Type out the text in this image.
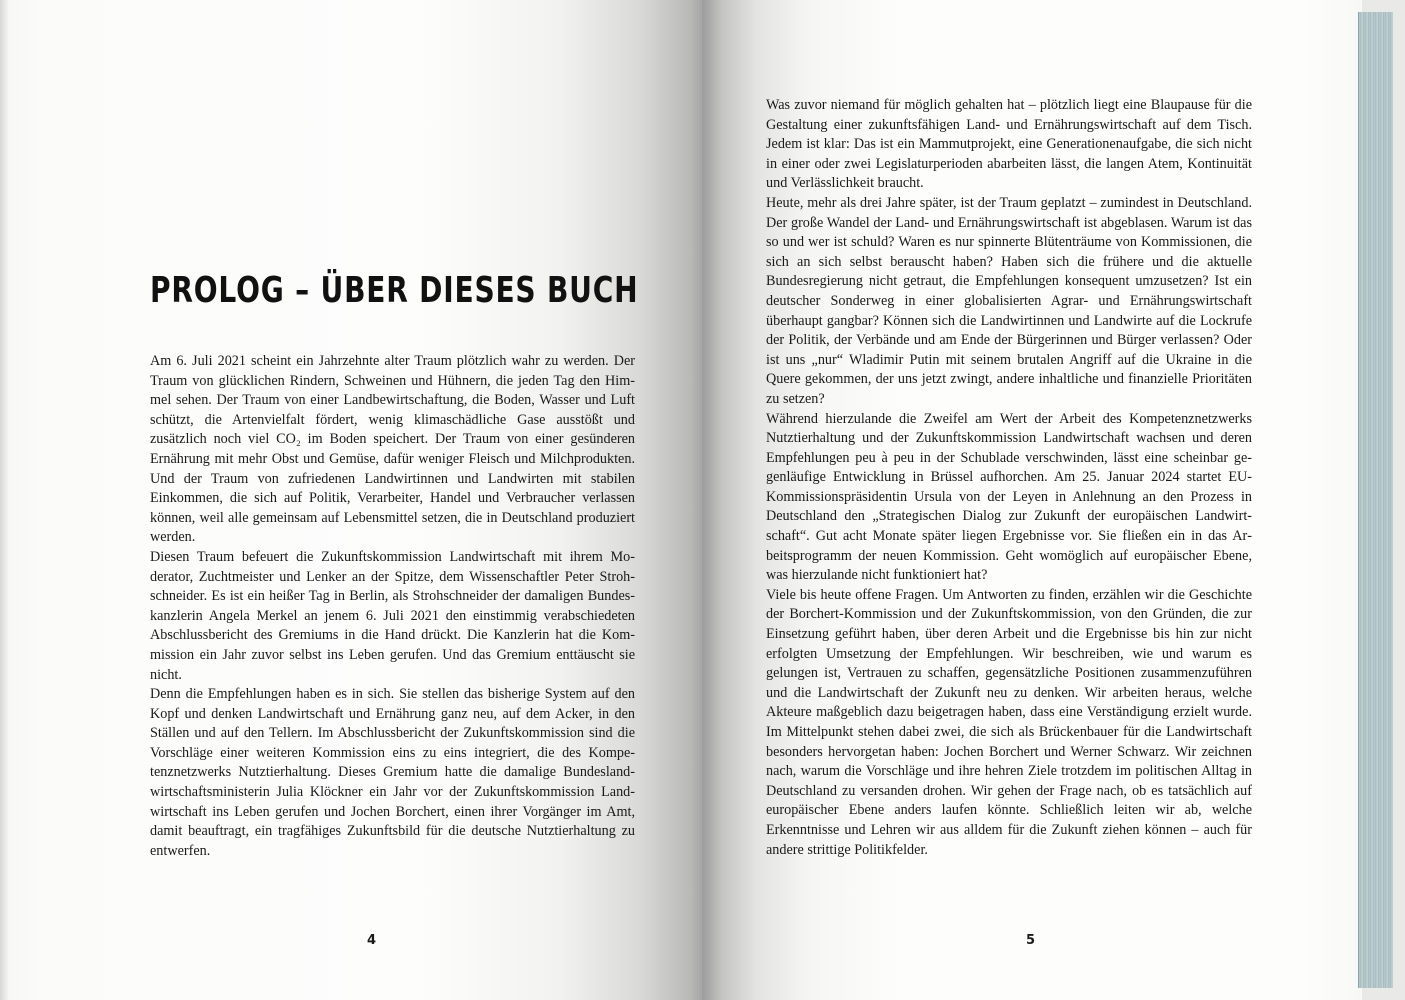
PROLOG – ÜBER DIESES BUCH

Am 6. Juli 2021 scheint ein Jahrzehnte alter Traum plötzlich wahr zu werden. Der Traum von glücklichen Rindern, Schweinen und Hühnern, die jeden Tag den Himmel sehen. Der Traum von einer Landbewirtschaftung, die Boden, Wasser und Luft schützt, die Artenvielfalt fördert, wenig klimaschädliche Gase ausstößt und zusätzlich noch viel CO₂ im Boden speichert. Der Traum von einer gesünderen Ernährung mit mehr Obst und Gemüse, dafür weniger Fleisch und Milchprodukten. Und der Traum von zufriedenen Landwirtinnen und Landwirten mit stabilen Einkommen, die sich auf Politik, Verarbeiter, Handel und Verbraucher verlassen können, weil alle gemeinsam auf Lebensmittel setzen, die in Deutschland produziert werden.

Diesen Traum befeuert die Zukunftskommission Landwirtschaft mit ihrem Moderator, Zuchtmeister und Lenker an der Spitze, dem Wissenschaftler Peter Strohschneider. Es ist ein heißer Tag in Berlin, als Strohschneider der damaligen Bundeskanzlerin Angela Merkel an jenem 6. Juli 2021 den einstimmig verabschiedeten Abschlussbericht des Gremiums in die Hand drückt. Die Kanzlerin hat die Kommission ein Jahr zuvor selbst ins Leben gerufen. Und das Gremium enttäuscht sie nicht.

Denn die Empfehlungen haben es in sich. Sie stellen das bisherige System auf den Kopf und denken Landwirtschaft und Ernährung ganz neu, auf dem Acker, in den Ställen und auf den Tellern. Im Abschlussbericht der Zukunftskommission sind die Vorschläge einer weiteren Kommission eins zu eins integriert, die des Kompetenznetzwerks Nutztierhaltung. Dieses Gremium hatte die damalige Bundeslandwirtschaftsministerin Julia Klöckner ein Jahr vor der Zukunftskommission Landwirtschaft ins Leben gerufen und Jochen Borchert, einen ihrer Vorgänger im Amt, damit beauftragt, ein tragfähiges Zukunftsbild für die deutsche Nutztierhaltung zu entwerfen.

4

Was zuvor niemand für möglich gehalten hat – plötzlich liegt eine Blaupause für die Gestaltung einer zukunftsfähigen Land- und Ernährungswirtschaft auf dem Tisch. Jedem ist klar: Das ist ein Mammutprojekt, eine Generationenaufgabe, die sich nicht in einer oder zwei Legislaturperioden abarbeiten lässt, die langen Atem, Kontinuität und Verlässlichkeit braucht.

Heute, mehr als drei Jahre später, ist der Traum geplatzt – zumindest in Deutschland. Der große Wandel der Land- und Ernährungswirtschaft ist abgeblasen. Warum ist das so und wer ist schuld? Waren es nur spinnerte Blütenträume von Kommissionen, die sich an sich selbst berauscht haben? Haben sich die frühere und die aktuelle Bundesregierung nicht getraut, die Empfehlungen konsequent umzusetzen? Ist ein deutscher Sonderweg in einer globalisierten Agrar- und Ernährungswirtschaft überhaupt gangbar? Können sich die Landwirtinnen und Landwirte auf die Lockrufe der Politik, der Verbände und am Ende der Bürgerinnen und Bürger verlassen? Oder ist uns „nur“ Wladimir Putin mit seinem brutalen Angriff auf die Ukraine in die Quere gekommen, der uns jetzt zwingt, andere inhaltliche und finanzielle Prioritäten zu setzen?

Während hierzulande die Zweifel am Wert der Arbeit des Kompetenznetzwerks Nutztierhaltung und der Zukunftskommission Landwirtschaft wachsen und deren Empfehlungen peu à peu in der Schublade verschwinden, lässt eine scheinbar gegenläufige Entwicklung in Brüssel aufhorchen. Am 25. Januar 2024 startet EU-Kommissionspräsidentin Ursula von der Leyen in Anlehnung an den Prozess in Deutschland den „Strategischen Dialog zur Zukunft der europäischen Landwirtschaft“. Gut acht Monate später liegen Ergebnisse vor. Sie fließen ein in das Arbeitsprogramm der neuen Kommission. Geht womöglich auf europäischer Ebene, was hierzulande nicht funktioniert hat?

Viele bis heute offene Fragen. Um Antworten zu finden, erzählen wir die Geschichte der Borchert-Kommission und der Zukunftskommission, von den Gründen, die zur Einsetzung geführt haben, über deren Arbeit und die Ergebnisse bis hin zur nicht erfolgten Umsetzung der Empfehlungen. Wir beschreiben, wie und warum es gelungen ist, Vertrauen zu schaffen, gegensätzliche Positionen zusammenzuführen und die Landwirtschaft der Zukunft neu zu denken. Wir arbeiten heraus, welche Akteure maßgeblich dazu beigetragen haben, dass eine Verständigung erzielt wurde. Im Mittelpunkt stehen dabei zwei, die sich als Brückenbauer für die Landwirtschaft besonders hervorgetan haben: Jochen Borchert und Werner Schwarz. Wir zeichnen nach, warum die Vorschläge und ihre hehren Ziele trotzdem im politischen Alltag in Deutschland zu versanden drohen. Wir gehen der Frage nach, ob es tatsächlich auf europäischer Ebene anders laufen könnte. Schließlich leiten wir ab, welche Erkenntnisse und Lehren wir aus alldem für die Zukunft ziehen können – auch für andere strittige Politikfelder.

5
